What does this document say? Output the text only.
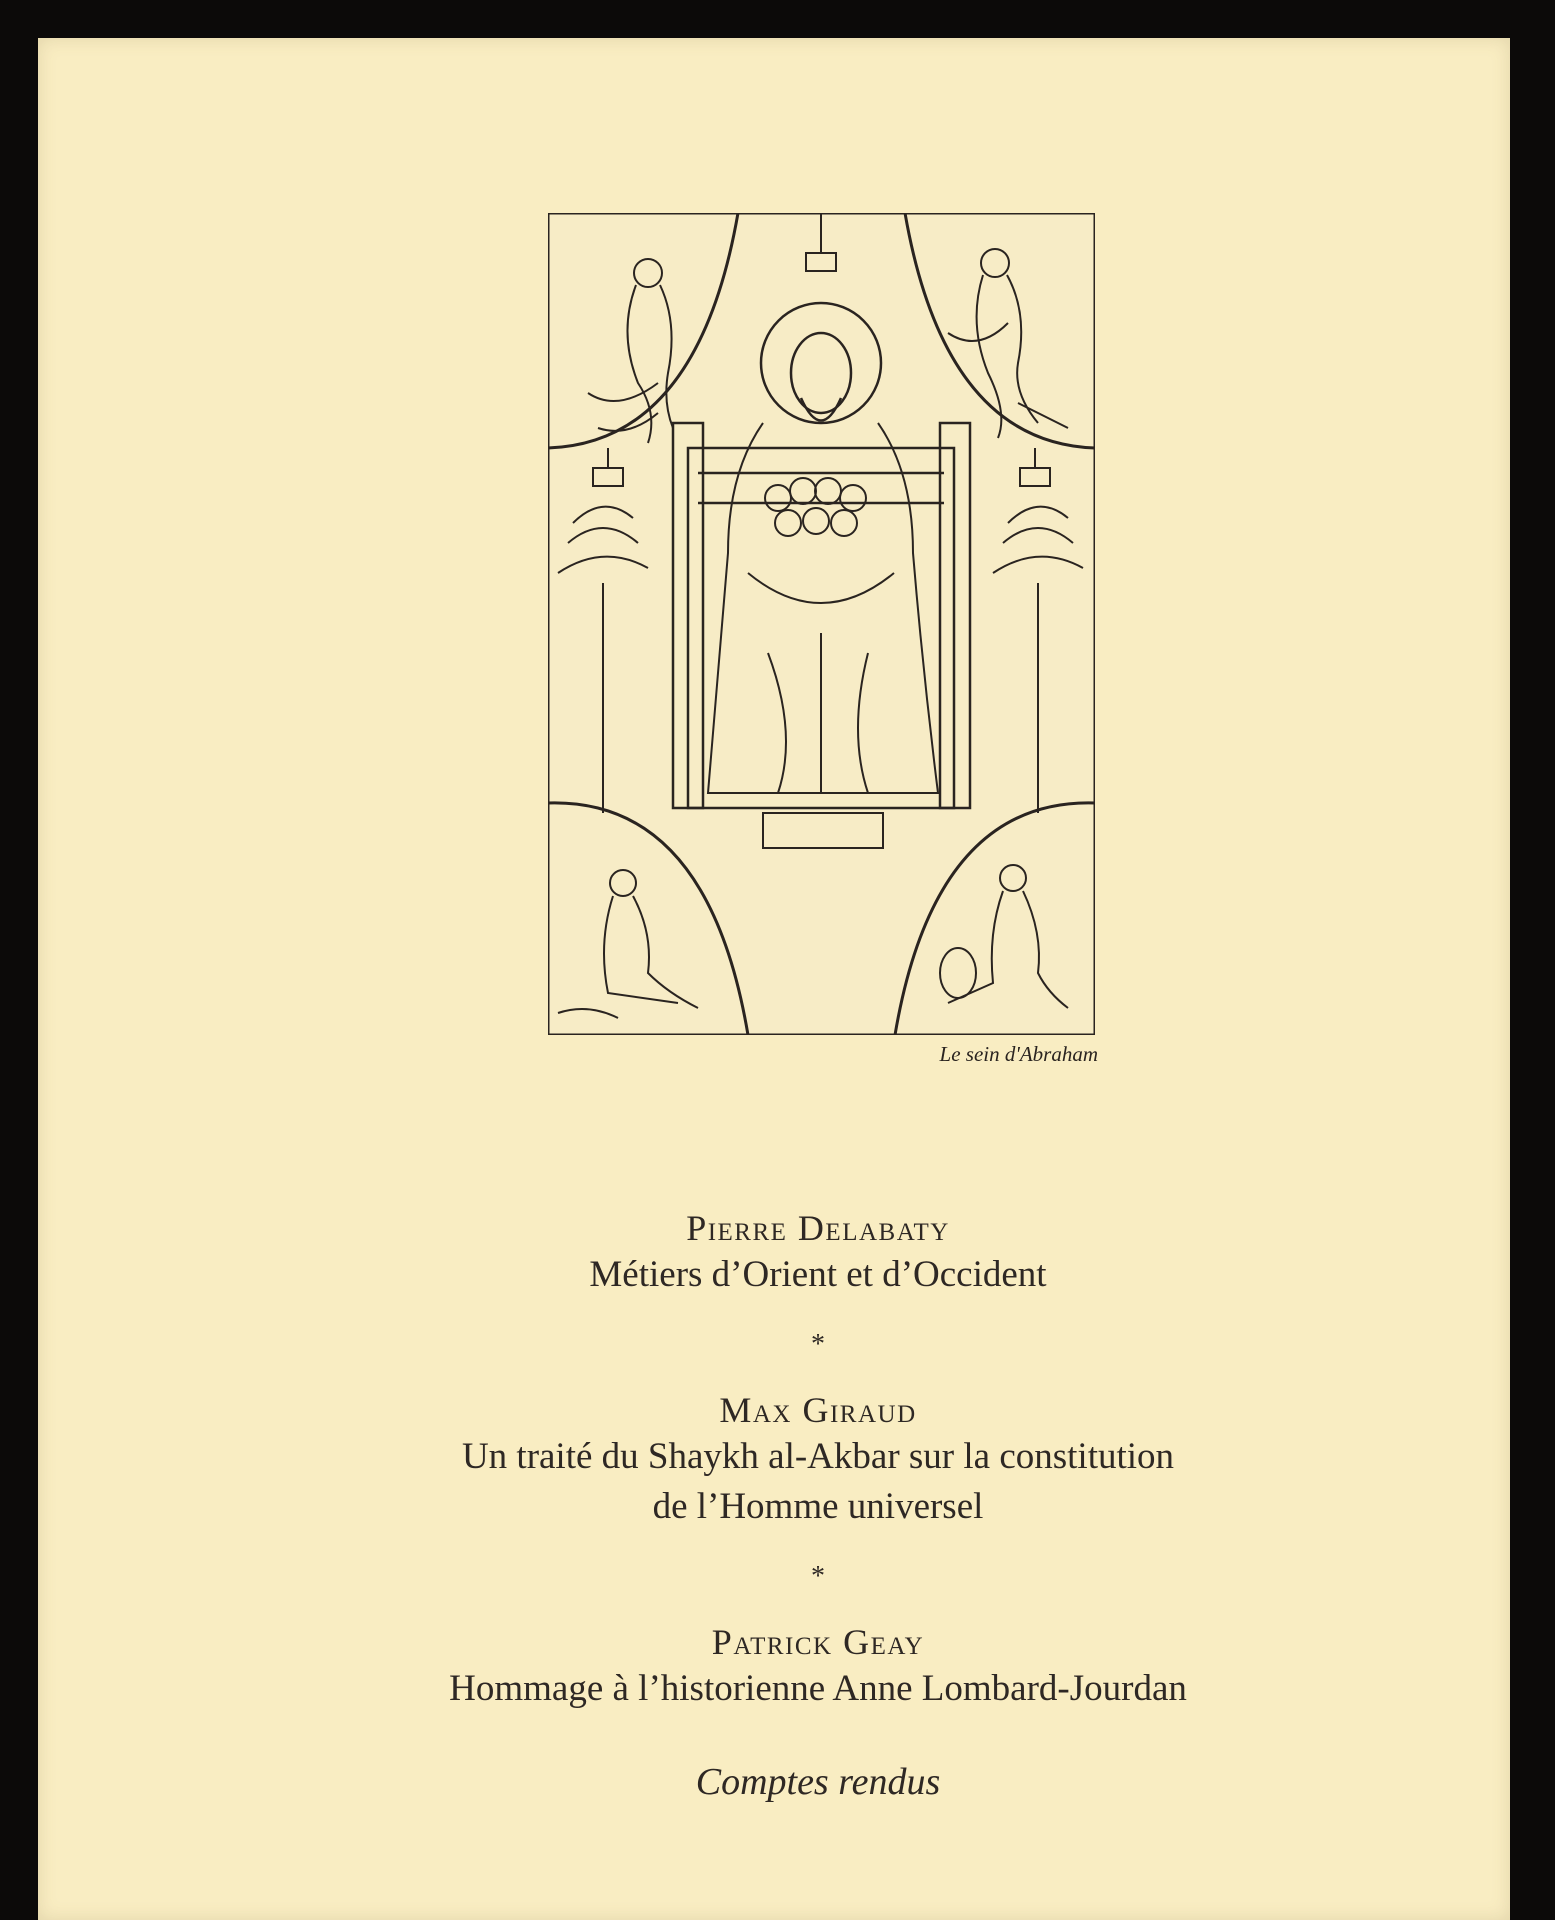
Le sein d'Abraham
Pierre Delabaty
Métiers d’Orient et d’Occident
*
Max Giraud
Un traité du Shaykh al-Akbar sur la constitution
de l’Homme universel
*
Patrick Geay
Hommage à l’historienne Anne Lombard-Jourdan
Comptes rendus
